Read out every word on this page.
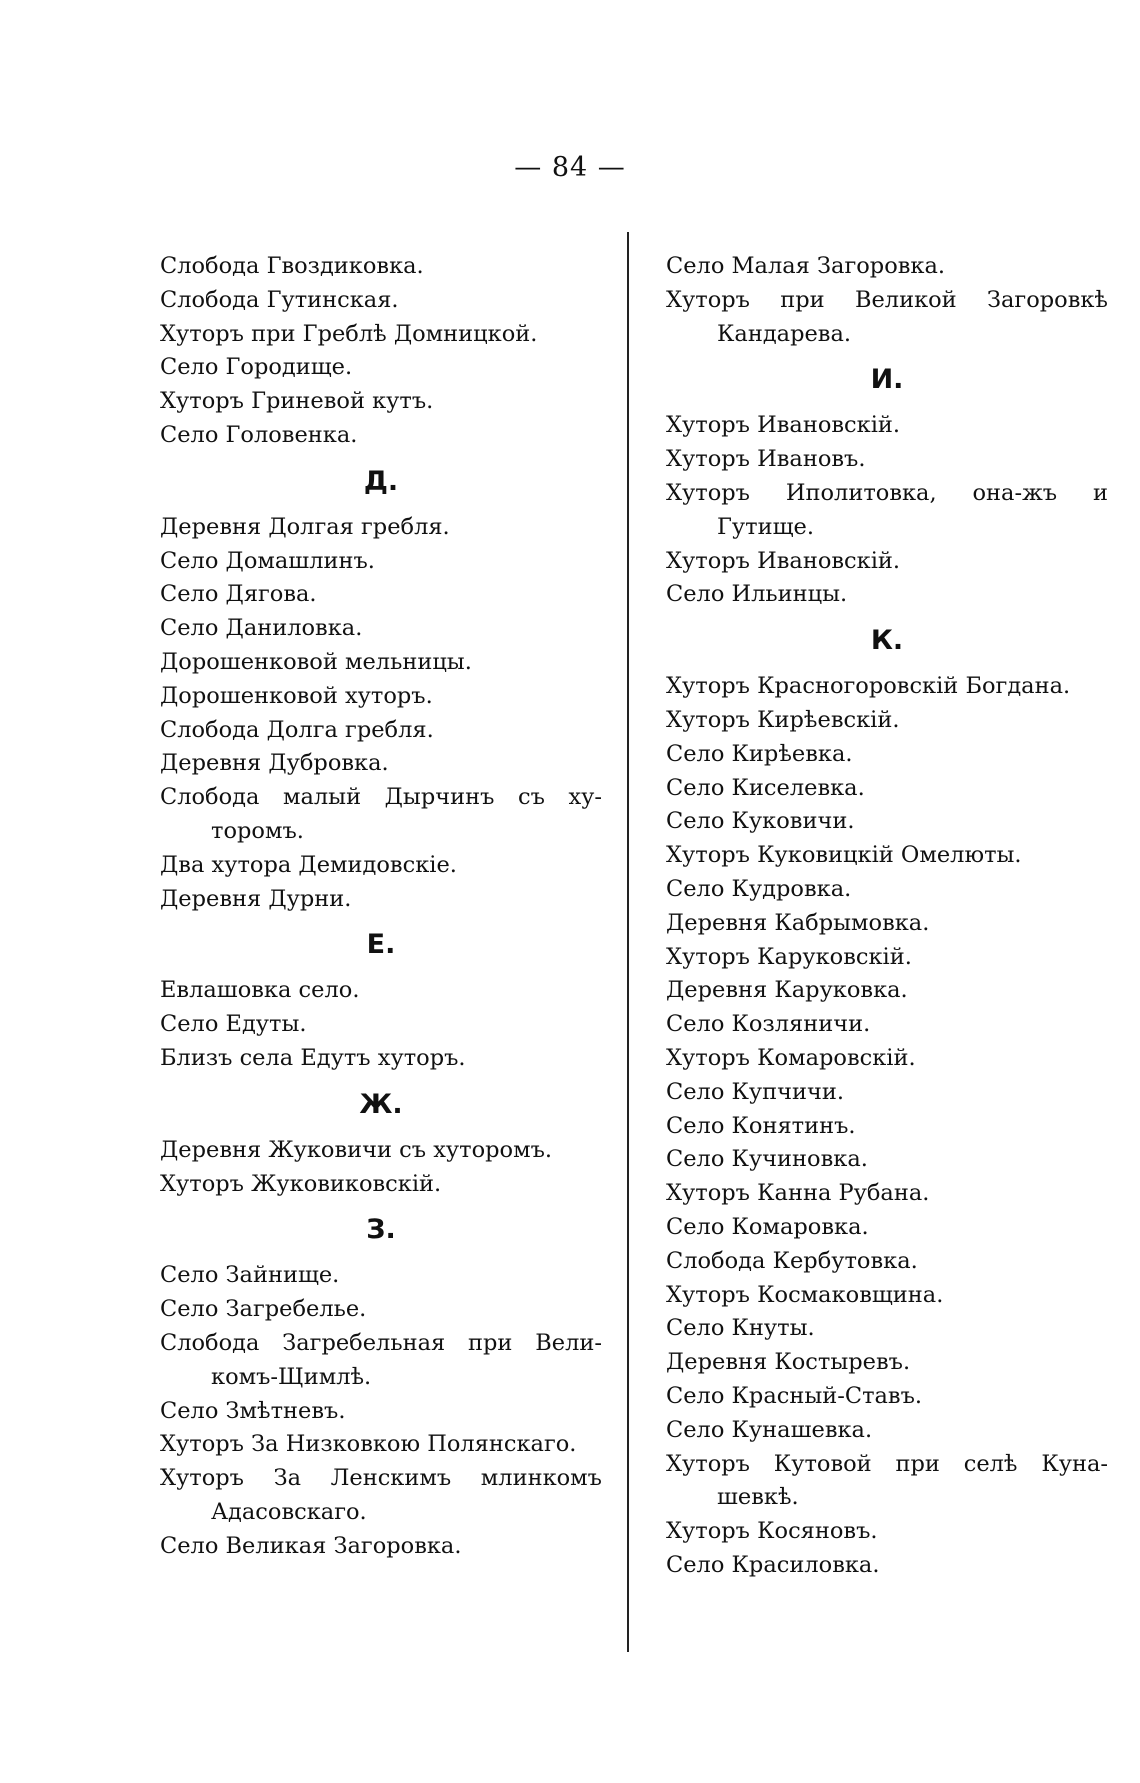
— 84 —
Слобода Гвоздиковка.
Слобода Гутинская.
Хуторъ при Греблѣ Домницкой.
Село Городище.
Хуторъ Гриневой кутъ.
Село Головенка.
Д.
Деревня Долгая гребля.
Село Домашлинъ.
Село Дягова.
Село Даниловка.
Дорошенковой мельницы.
Дорошенковой хуторъ.
Слобода Долга гребля.
Деревня Дубровка.
Слобода малый Дырчинъ съ ху-
торомъ.
Два хутора Демидовскіе.
Деревня Дурни.
Е.
Евлашовка село.
Село Едуты.
Близъ села Едутъ хуторъ.
Ж.
Деревня Жуковичи съ хуторомъ.
Хуторъ Жуковиковскій.
З.
Село Зайнище.
Село Загребелье.
Слобода Загребельная при Вели-
комъ-Щимлѣ.
Село Змѣтневъ.
Хуторъ За Низковкою Полянскаго.
Хуторъ За Ленскимъ млинкомъ
Адасовскаго.
Село Великая Загоровка.
Село Малая Загоровка.
Хуторъ при Великой Загоровкѣ
Кандарева.
И.
Хуторъ Ивановскій.
Хуторъ Ивановъ.
Хуторъ Иполитовка, она-жъ и
Гутище.
Хуторъ Ивановскій.
Село Ильинцы.
К.
Хуторъ Красногоровскій Богдана.
Хуторъ Кирѣевскій.
Село Кирѣевка.
Село Киселевка.
Село Куковичи.
Хуторъ Куковицкій Омелюты.
Село Кудровка.
Деревня Кабрымовка.
Хуторъ Каруковскій.
Деревня Каруковка.
Село Козляничи.
Хуторъ Комаровскій.
Село Купчичи.
Село Конятинъ.
Село Кучиновка.
Хуторъ Канна Рубана.
Село Комаровка.
Слобода Кербутовка.
Хуторъ Космаковщина.
Село Кнуты.
Деревня Костыревъ.
Село Красный-Ставъ.
Село Кунашевка.
Хуторъ Кутовой при селѣ Куна-
шевкѣ.
Хуторъ Косяновъ.
Село Красиловка.
